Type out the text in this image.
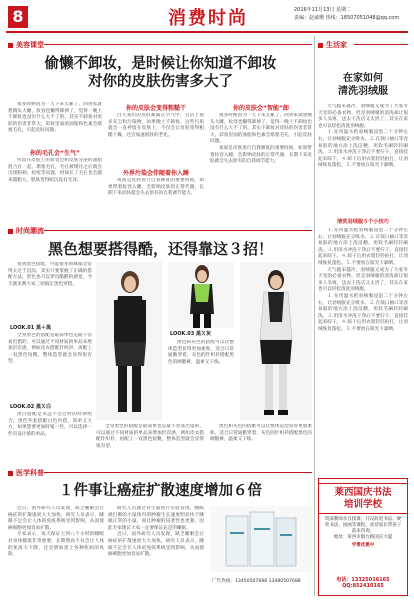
8	消费时尚	2016年11月13日 星期二
责编：赵诚珊 热线：18507051048@qq.com
美容课堂
偷懒不卸妆，是时候让你知道不卸妆
对你的皮肤伤害多大了

很多时候因为一天下来太累了，回到家就想倒头大睡，妆容也懒得卸掉了，觉得一晚上不卸妆也没有什么大不了的。其实不卸妆对皮肤的伤害非常大，彩妆里面的油脂和色素会堵塞毛孔，引起皮肤问题。

你的毛孔会“生气”

你留在皮肤上的妆容会和皮肤分泌的油脂混合在一起，堵塞毛孔，毛孔被堵住之后就会出现粉刺、痘痘等问题，时间长了毛孔也会越来越粗大，肌肤变得暗沉没有光泽。

你的皮肤会变得粗糙干

白天我们的皮肤暴露在空气中，会沾上很多灰尘和污染物，如果晚上不卸妆，这些污垢就会一直停留在皮肤上，不仅会让皮肤变得粗糙干燥，还会加速肌肤的老化。

外界污染会伴随着你入睡

夜间是皮肤进行自我修复的重要时间，如果带着妆容入睡，会影响皮肤的正常代谢，长期下来皮肤就会失去原有的自我调节能力。

你的皮肤会“智能”卸

很多时候因为一天下来太累了，回到家就想倒头大睡，妆容也懒得卸掉了，觉得一晚上不卸妆也没有什么大不了的。其实不卸妆对皮肤的伤害非常大，彩妆里面的油脂和色素会堵塞毛孔，引起皮肤问题。

夜间是皮肤进行自我修复的重要时间，如果带着妆容入睡，会影响皮肤的正常代谢，长期下来皮肤就会失去原有的自我调节能力。

时尚潮流
黑色想要搭得酷，还得靠这３招！

说到黑色搭配，可能很多姐妹都会觉得太过于沉闷，其实只要掌握了正确的搭配方法，黑色也可以穿出酷酷的感觉，今天就来教大家三招搞定黑色穿搭。

LOOK.01 黑＋黑

全身黑色的搭配是最简单也是最不容易出错的，可以通过不同材质的单品来增加层次感，例如皮衣搭配针织衫，再配上一双黑色短靴，整体造型就会显得很有型。

LOOK.02 黑Ｘ白

黑白搭配是永远不会过时的经典组合，黑色外套搭配白色内搭，简单又大方，如果想要更加时髦一些，可以选择一些有设计感的单品。

LOOK.03 黑Ｘ灰

黑色和灰色的搭配可以让整体造型显得更加柔和，适合日常通勤穿着，灰色的针织衫搭配黑色的阔腿裤，温柔又干练。

全身黑色的搭配是最简单也是最不容易出错的，可以通过不同材质的单品来增加层次感，例如皮衣搭配针织衫，再配上一双黑色短靴，整体造型就会显得很有型。

黑色和灰色的搭配可以让整体造型显得更加柔和，适合日常通勤穿着，灰色的针织衫搭配黑色的阔腿裤，温柔又干练。

医学科普
１件事让癌症扩散速度增加６倍

近日，国外研究人员发现，缺乏睡眠会让癌症的扩散速度大大加快，研究人员表示，睡眠不足会让人体的免疫系统受到影响，从而使癌细胞更加容易扩散。

专家表示，每天保证七到八个小时的睡眠对身体健康非常重要，长期熬夜不仅会让人体的免疫力下降，还会增加患上各种疾病的风险。

研究人员通过对小鼠进行实验发现，睡眠被打断的小鼠体内的肿瘤生长速度明显快于睡眠正常的小鼠，而且肿瘤的侵袭性也更强，因此专家建议大家一定要保证充足的睡眠。

近日，国外研究人员发现，缺乏睡眠会让癌症的扩散速度大大加快，研究人员表示，睡眠不足会让人体的免疫系统受到影响，从而使癌细胞更加容易扩散。

广告热线：13450507688 13480507688
生活家
在家如何
清洗羽绒服

天气越来越冷，羽绒服又成为了大家冬天里的必备衣物，但是羽绒服的清洗却让很多人头疼，送去干洗店又太贵了，其实在家也可以轻松清洗羽绒服。

１.先用温水把羽绒服浸泡二十分钟左右，让羽绒服充分吸水。２.在领口袖口等容易脏的地方涂上洗洁精，用软毛刷轻轻刷洗。３.用清水冲洗干净后不要拧干，直接挂起来晾干。４.晾干后用衣架轻轻拍打，让羽绒恢复蓬松。５.不要放在阳光下暴晒。

清洗羽绒服５个小技巧

１.先用温水把羽绒服浸泡二十分钟左右，让羽绒服充分吸水。２.在领口袖口等容易脏的地方涂上洗洁精，用软毛刷轻轻刷洗。３.用清水冲洗干净后不要拧干，直接挂起来晾干。４.晾干后用衣架轻轻拍打，让羽绒恢复蓬松。５.不要放在阳光下暴晒。

天气越来越冷，羽绒服又成为了大家冬天里的必备衣物，但是羽绒服的清洗却让很多人头疼，送去干洗店又太贵了，其实在家也可以轻松清洗羽绒服。

１.先用温水把羽绒服浸泡二十分钟左右，让羽绒服充分吸水。２.在领口袖口等容易脏的地方涂上洗洁精，用软毛刷轻轻刷洗。３.用清水冲洗干净后不要拧干，直接挂起来晾干。４.晾干后用衣架轻轻拍打，让羽绒恢复蓬松。５.不要放在阳光下暴晒。

莱西国庆书法
培训学校
资深教师亲自授课，开设软笔书法、硬笔书法、国画等课程，欢迎家长带孩子前来咨询。
地址：莱西市烟台路国庆大厦
学费优惠中
电话：13325016165
QQ:852410165
